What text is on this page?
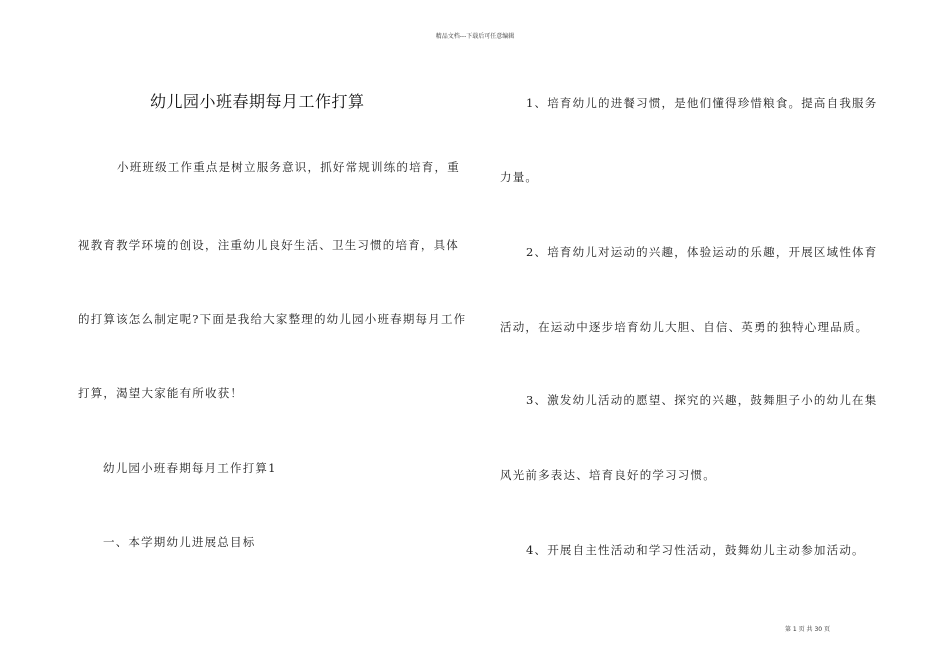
精品文档---下载后可任意编辑
幼儿园小班春期每月工作打算
小班班级工作重点是树立服务意识，抓好常规训练的培育，重
视教育教学环境的创设，注重幼儿良好生活、卫生习惯的培育，具体
的打算该怎么制定呢?下面是我给大家整理的幼儿园小班春期每月工作
打算，渴望大家能有所收获！
幼儿园小班春期每月工作打算1
一、本学期幼儿进展总目标
1、培育幼儿的进餐习惯，是他们懂得珍惜粮食。提高自我服务
力量。
2、培育幼儿对运动的兴趣，体验运动的乐趣，开展区域性体育
活动，在运动中逐步培育幼儿大胆、自信、英勇的独特心理品质。
3、激发幼儿活动的愿望、探究的兴趣，鼓舞胆子小的幼儿在集
风光前多表达、培育良好的学习习惯。
4、开展自主性活动和学习性活动，鼓舞幼儿主动参加活动。
第 1 页 共 30 页
